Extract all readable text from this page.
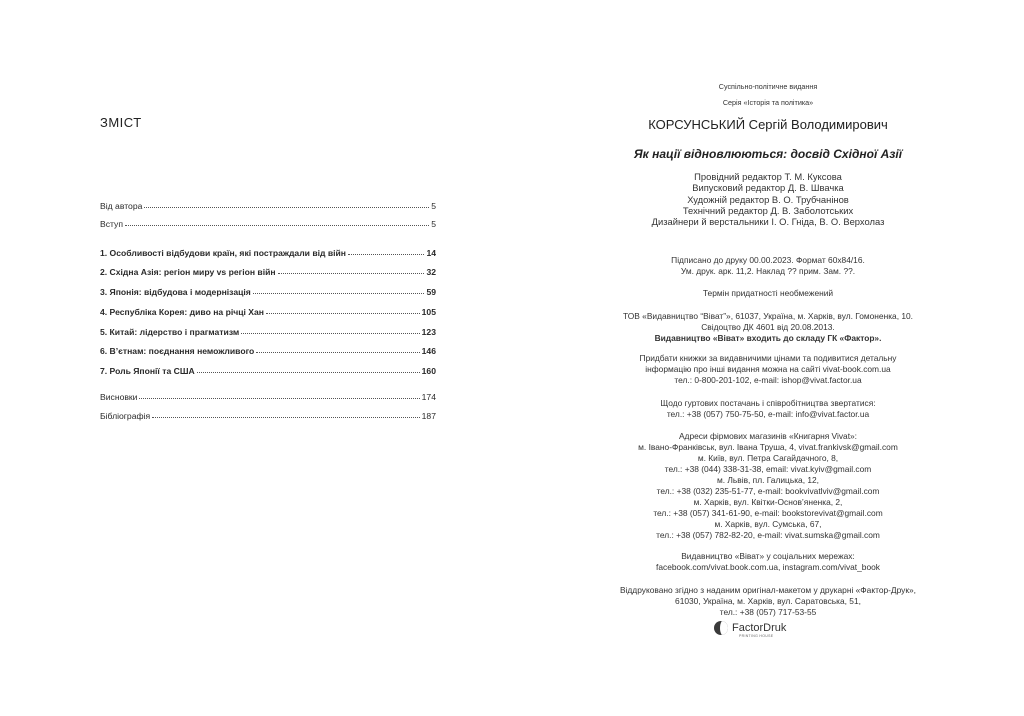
ЗМІСТ
Від автора	5
Вступ	5
1. Особливості відбудови країн, які постраждали від війн	14
2. Східна Азія: регіон миру vs регіон війн	32
3. Японія: відбудова і модернізація	59
4. Республіка Корея: диво на річці Хан	105
5. Китай: лідерство і прагматизм	123
6. В’єтнам: поєднання неможливого	146
7. Роль Японії та США	160
Висновки	174
Бібліографія	187
Суспільно-політичне видання
Серія «Історія та політика»
КОРСУНСЬКИЙ Сергій Володимирович
Як нації відновлюються: досвід Східної Азії
Провідний редактор Т. М. Куксова
Випусковий редактор Д. В. Швачка
Художній редактор В. О. Трубчанінов
Технічний редактор Д. В. Заболотських
Дизайнери й верстальники І. О. Гніда, В. О. Верхолаз
Підписано до друку 00.00.2023. Формат 60х84/16.
Ум. друк. арк. 11,2. Наклад ?? прим. Зам. ??.
Термін придатності необмежений
ТОВ «Видавництво “Віват”», 61037, Україна, м. Харків, вул. Гомоненка, 10.
Свідоцтво ДК 4601 від 20.08.2013.
Видавництво «Віват» входить до складу ГК «Фактор».
Придбати книжки за видавничими цінами та подивитися детальну
інформацію про інші видання можна на сайті vivat-book.com.ua
тел.: 0-800-201-102, e-mail: ishop@vivat.factor.ua
Щодо гуртових постачань і співробітництва звертатися:
тел.: +38 (057) 750-75-50, e-mail: info@vivat.factor.ua
Адреси фірмових магазинів «Книгарня Vivat»:
м. Івано-Франківськ, вул. Івана Труша, 4, vivat.frankivsk@gmail.com
м. Київ, вул. Петра Сагайдачного, 8,
тел.: +38 (044) 338-31-38, email: vivat.kyiv@gmail.com
м. Львів, пл. Галицька, 12,
тел.: +38 (032) 235-51-77, e-mail: bookvivatlviv@gmail.com
м. Харків, вул. Квітки-Основ’яненка, 2,
тел.: +38 (057) 341-61-90, e-mail: bookstorevivat@gmail.com
м. Харків, вул. Сумська, 67,
тел.: +38 (057) 782-82-20, e-mail: vivat.sumska@gmail.com
Видавництво «Віват» у соціальних мережах:
facebook.com/vivat.book.com.ua, instagram.com/vivat_book
Віддруковано згідно з наданим оригінал-макетом у друкарні «Фактор-Друк»,
61030, Україна, м. Харків, вул. Саратовська, 51,
тел.: +38 (057) 717-53-55
FactorDruk
PRINTING HOUSE
